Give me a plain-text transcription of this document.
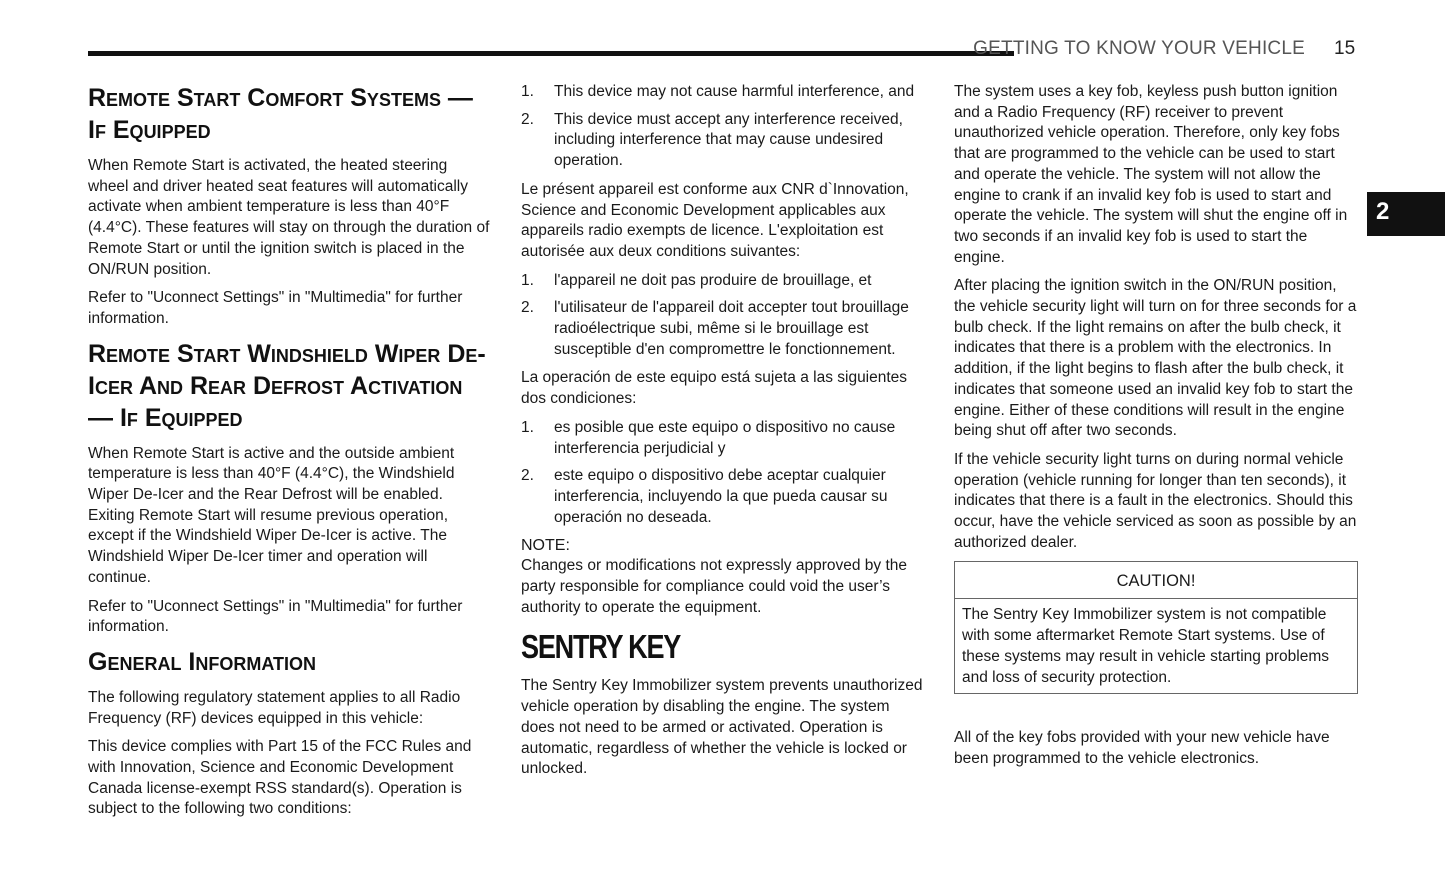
GETTING TO KNOW YOUR VEHICLE 15
2
Remote Start Comfort Systems — If Equipped

When Remote Start is activated, the heated steering wheel and driver heated seat features will automatically activate when ambient temperature is less than 40°F (4.4°C). These features will stay on through the duration of Remote Start or until the ignition switch is placed in the ON/RUN position.

Refer to "Uconnect Settings" in "Multimedia" for further information.

Remote Start Windshield Wiper De-Icer And Rear Defrost Activation — If Equipped

When Remote Start is active and the outside ambient temperature is less than 40°F (4.4°C), the Windshield Wiper De-Icer and the Rear Defrost will be enabled. Exiting Remote Start will resume previous operation, except if the Windshield Wiper De-Icer is active. The Windshield Wiper De-Icer timer and operation will continue.

Refer to "Uconnect Settings" in "Multimedia" for further information.

General Information

The following regulatory statement applies to all Radio Frequency (RF) devices equipped in this vehicle:

This device complies with Part 15 of the FCC Rules and with Innovation, Science and Economic Development Canada license-exempt RSS standard(s). Operation is subject to the following two conditions:

1. This device may not cause harmful interference, and
2. This device must accept any interference received, including interference that may cause undesired operation.

Le présent appareil est conforme aux CNR d`Innovation, Science and Economic Development applicables aux appareils radio exempts de licence. L'exploitation est autorisée aux deux conditions suivantes:

1. l'appareil ne doit pas produire de brouillage, et
2. l'utilisateur de l'appareil doit accepter tout brouillage radioélectrique subi, même si le brouillage est susceptible d'en compromettre le fonctionnement.

La operación de este equipo está sujeta a las siguientes dos condiciones:

1. es posible que este equipo o dispositivo no cause interferencia perjudicial y
2. este equipo o dispositivo debe aceptar cualquier interferencia, incluyendo la que pueda causar su operación no deseada.
NOTE:

Changes or modifications not expressly approved by the party responsible for compliance could void the user’s authority to operate the equipment.

SENTRY KEY

The Sentry Key Immobilizer system prevents unauthorized vehicle operation by disabling the engine. The system does not need to be armed or activated. Operation is automatic, regardless of whether the vehicle is locked or unlocked.

The system uses a key fob, keyless push button ignition and a Radio Frequency (RF) receiver to prevent unauthorized vehicle operation. Therefore, only key fobs that are programmed to the vehicle can be used to start and operate the vehicle. The system will not allow the engine to crank if an invalid key fob is used to start and operate the vehicle. The system will shut the engine off in two seconds if an invalid key fob is used to start the engine.

After placing the ignition switch in the ON/RUN position, the vehicle security light will turn on for three seconds for a bulb check. If the light remains on after the bulb check, it indicates that there is a problem with the electronics. In addition, if the light begins to flash after the bulb check, it indicates that someone used an invalid key fob to start the engine. Either of these conditions will result in the engine being shut off after two seconds.

If the vehicle security light turns on during normal vehicle operation (vehicle running for longer than ten seconds), it indicates that there is a fault in the electronics. Should this occur, have the vehicle serviced as soon as possible by an authorized dealer.

CAUTION!

The Sentry Key Immobilizer system is not compatible with some aftermarket Remote Start systems. Use of these systems may result in vehicle starting problems and loss of security protection.

All of the key fobs provided with your new vehicle have been programmed to the vehicle electronics.
